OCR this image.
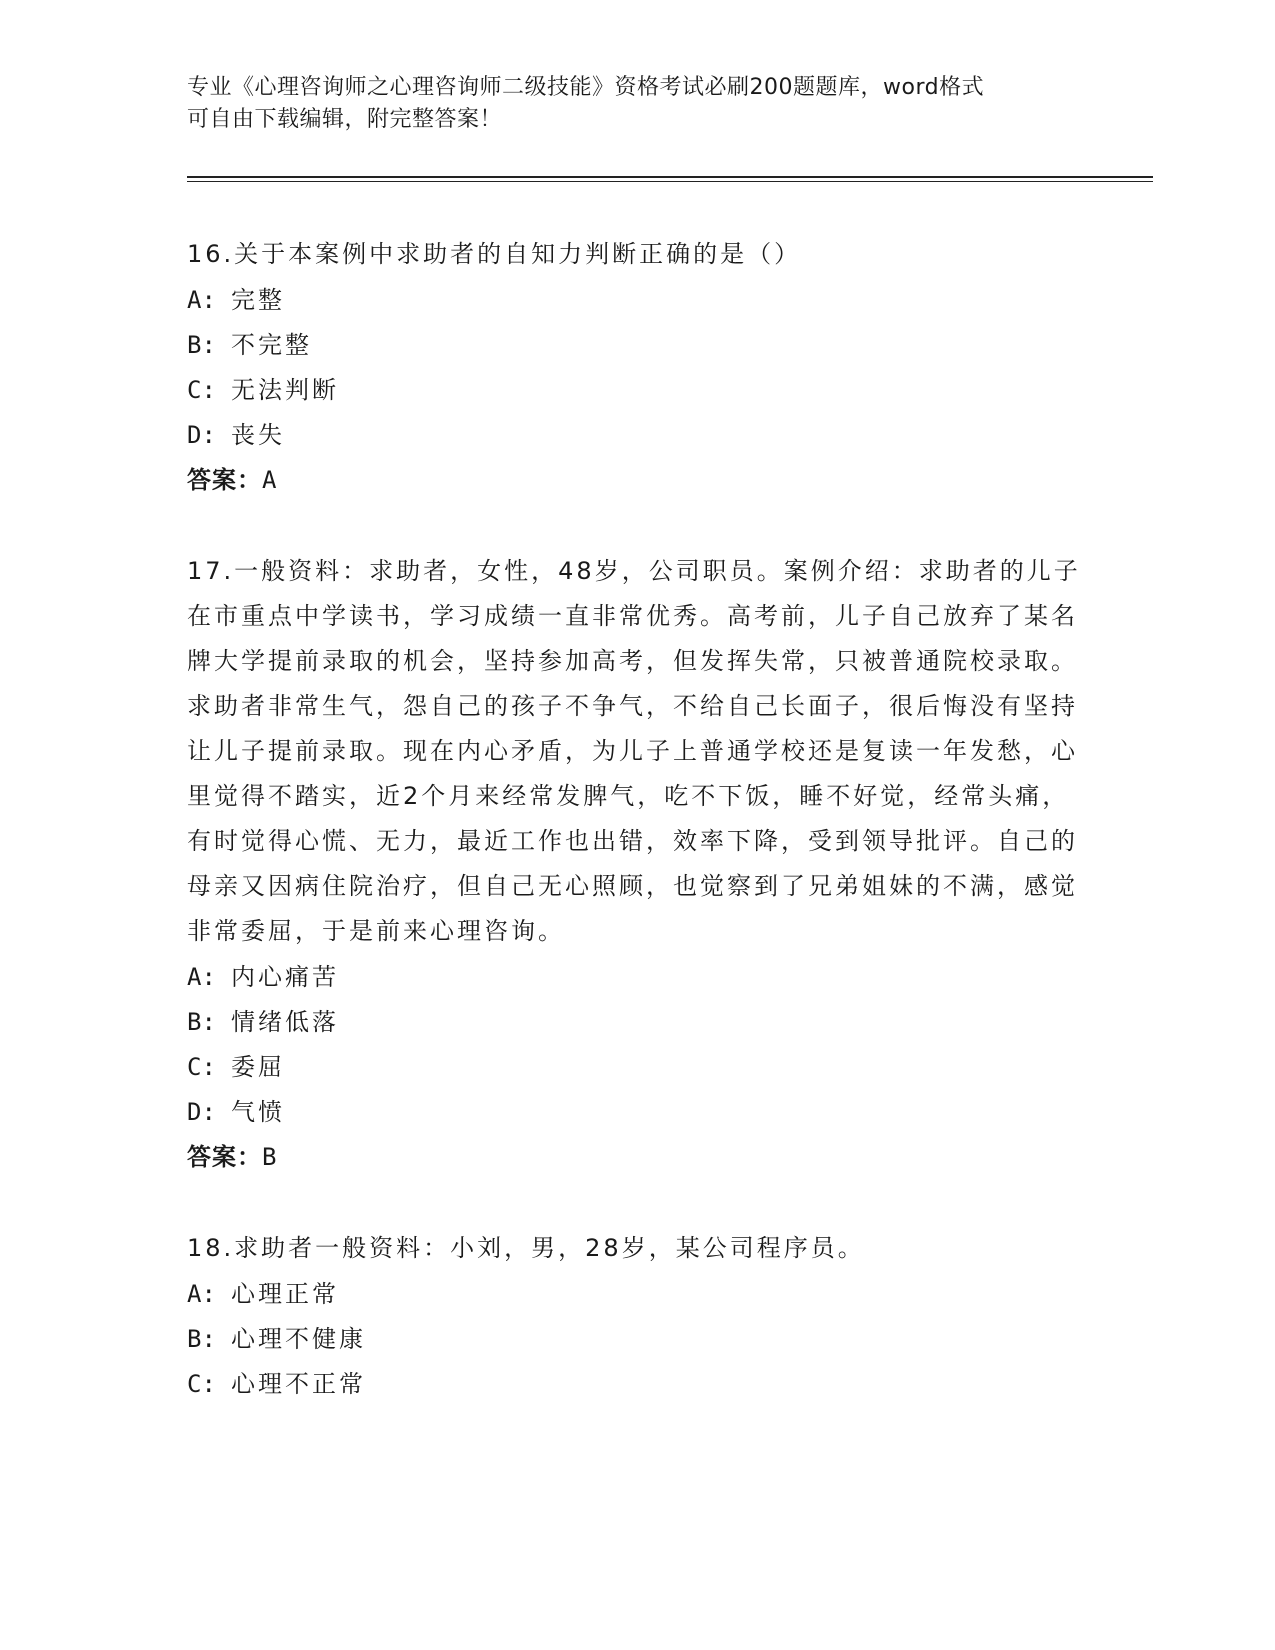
专业《心理咨询师之心理咨询师二级技能》资格考试必刷200题题库，word格式
可自由下载编辑，附完整答案！
16.关于本案例中求助者的自知力判断正确的是（）
A: 完整
B: 不完整
C: 无法判断
D: 丧失
答案：A
17.一般资料：求助者，女性，48岁，公司职员。案例介绍：求助者的儿子在市重点中学读书，学习成绩一直非常优秀。高考前，儿子自己放弃了某名牌大学提前录取的机会，坚持参加高考，但发挥失常，只被普通院校录取。求助者非常生气，怨自己的孩子不争气，不给自己长面子，很后悔没有坚持让儿子提前录取。现在内心矛盾，为儿子上普通学校还是复读一年发愁，心里觉得不踏实，近2个月来经常发脾气，吃不下饭，睡不好觉，经常头痛，有时觉得心慌、无力，最近工作也出错，效率下降，受到领导批评。自己的母亲又因病住院治疗，但自己无心照顾，也觉察到了兄弟姐妹的不满，感觉非常委屈，于是前来心理咨询。
A: 内心痛苦
B: 情绪低落
C: 委屈
D: 气愤
答案：B
18.求助者一般资料：小刘，男，28岁，某公司程序员。
A: 心理正常
B: 心理不健康
C: 心理不正常
